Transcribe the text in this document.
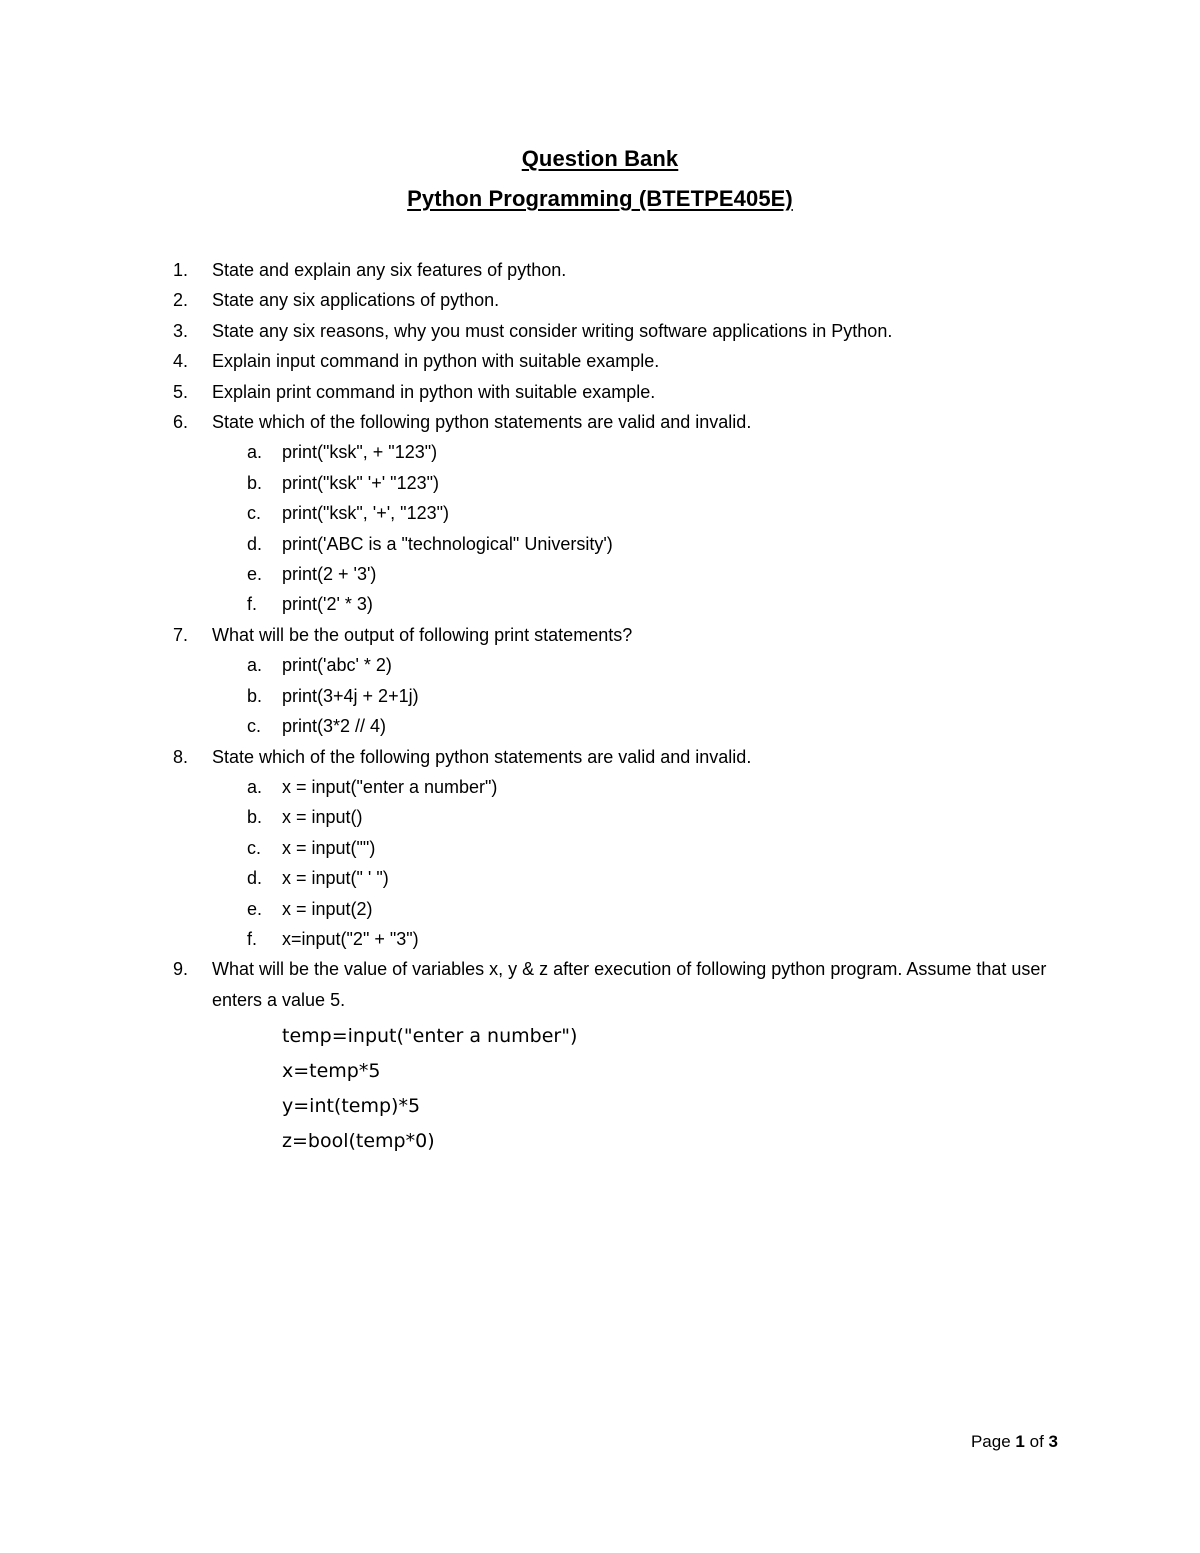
Question Bank
Python Programming (BTETPE405E)
1. State and explain any six features of python.
2. State any six applications of python.
3. State any six reasons, why you must consider writing software applications in Python.
4. Explain input command in python with suitable example.
5. Explain print command in python with suitable example.
6. State which of the following python statements are valid and invalid.
a. print("ksk", + "123")
b. print("ksk" '+' "123")
c. print("ksk", '+', "123")
d. print('ABC is a "technological" University')
e. print(2 + '3')
f. print('2' * 3)
7. What will be the output of following print statements?
a. print('abc' * 2)
b. print(3+4j + 2+1j)
c. print(3*2 // 4)
8. State which of the following python statements are valid and invalid.
a. x = input("enter a number")
b. x = input()
c. x = input("")
d. x = input(" ' ")
e. x = input(2)
f. x=input("2" + "3")
9. What will be the value of variables x, y & z after execution of following python program. Assume that user enters a value 5.
temp=input("enter a number")
x=temp*5
y=int(temp)*5
z=bool(temp*0)
Page 1 of 3
